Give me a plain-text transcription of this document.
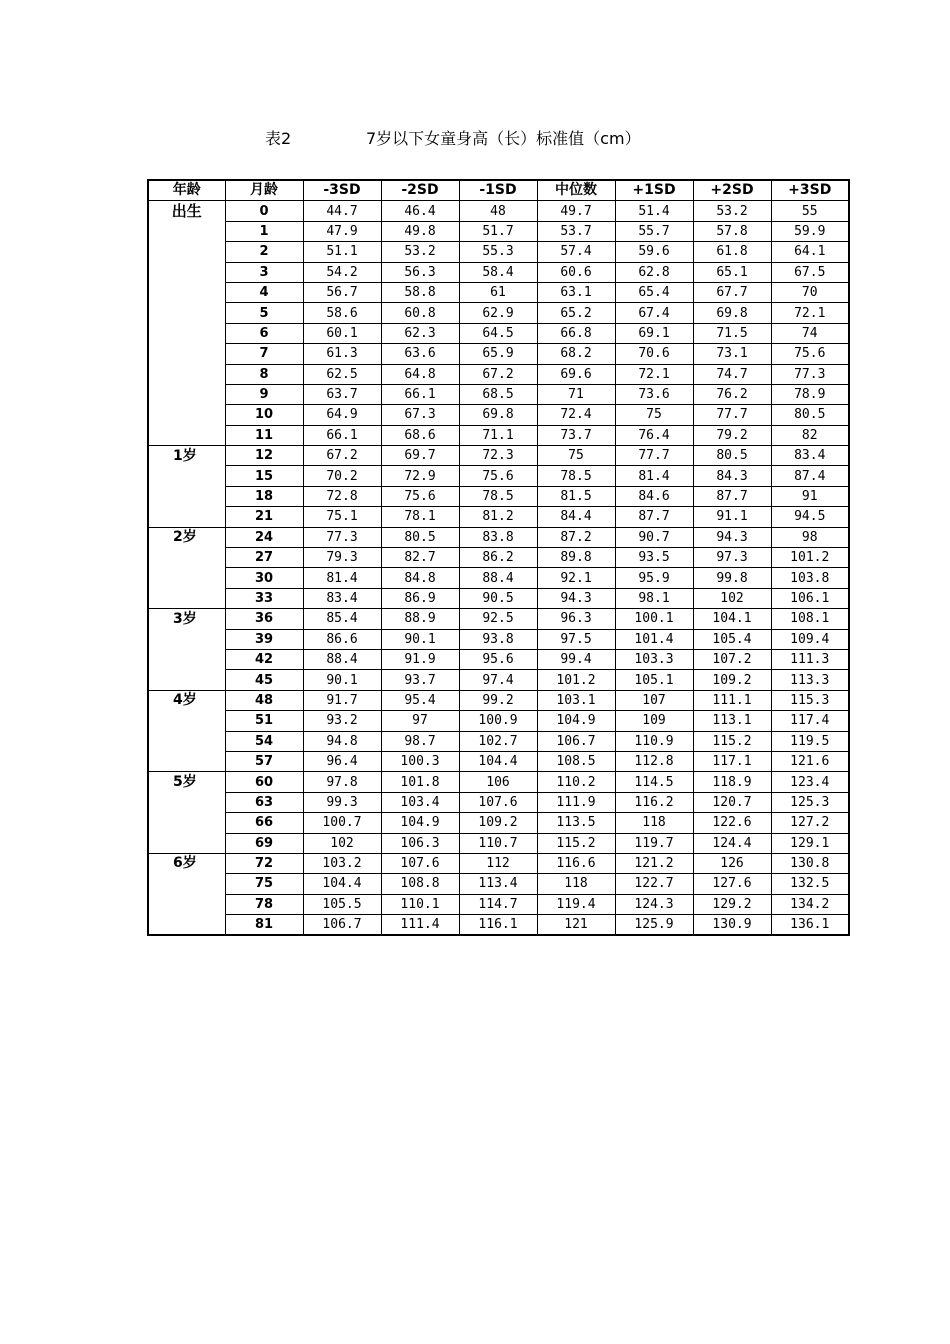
表2	7岁以下女童身高（长）标准值（cm）
年龄	月龄	-3SD	-2SD	-1SD	中位数	+1SD	+2SD	+3SD
出生	0	44.7	46.4	48	49.7	51.4	53.2	55
	1	47.9	49.8	51.7	53.7	55.7	57.8	59.9
	2	51.1	53.2	55.3	57.4	59.6	61.8	64.1
	3	54.2	56.3	58.4	60.6	62.8	65.1	67.5
	4	56.7	58.8	61	63.1	65.4	67.7	70
	5	58.6	60.8	62.9	65.2	67.4	69.8	72.1
	6	60.1	62.3	64.5	66.8	69.1	71.5	74
	7	61.3	63.6	65.9	68.2	70.6	73.1	75.6
	8	62.5	64.8	67.2	69.6	72.1	74.7	77.3
	9	63.7	66.1	68.5	71	73.6	76.2	78.9
	10	64.9	67.3	69.8	72.4	75	77.7	80.5
	11	66.1	68.6	71.1	73.7	76.4	79.2	82
1岁	12	67.2	69.7	72.3	75	77.7	80.5	83.4
	15	70.2	72.9	75.6	78.5	81.4	84.3	87.4
	18	72.8	75.6	78.5	81.5	84.6	87.7	91
	21	75.1	78.1	81.2	84.4	87.7	91.1	94.5
2岁	24	77.3	80.5	83.8	87.2	90.7	94.3	98
	27	79.3	82.7	86.2	89.8	93.5	97.3	101.2
	30	81.4	84.8	88.4	92.1	95.9	99.8	103.8
	33	83.4	86.9	90.5	94.3	98.1	102	106.1
3岁	36	85.4	88.9	92.5	96.3	100.1	104.1	108.1
	39	86.6	90.1	93.8	97.5	101.4	105.4	109.4
	42	88.4	91.9	95.6	99.4	103.3	107.2	111.3
	45	90.1	93.7	97.4	101.2	105.1	109.2	113.3
4岁	48	91.7	95.4	99.2	103.1	107	111.1	115.3
	51	93.2	97	100.9	104.9	109	113.1	117.4
	54	94.8	98.7	102.7	106.7	110.9	115.2	119.5
	57	96.4	100.3	104.4	108.5	112.8	117.1	121.6
5岁	60	97.8	101.8	106	110.2	114.5	118.9	123.4
	63	99.3	103.4	107.6	111.9	116.2	120.7	125.3
	66	100.7	104.9	109.2	113.5	118	122.6	127.2
	69	102	106.3	110.7	115.2	119.7	124.4	129.1
6岁	72	103.2	107.6	112	116.6	121.2	126	130.8
	75	104.4	108.8	113.4	118	122.7	127.6	132.5
	78	105.5	110.1	114.7	119.4	124.3	129.2	134.2
	81	106.7	111.4	116.1	121	125.9	130.9	136.1
